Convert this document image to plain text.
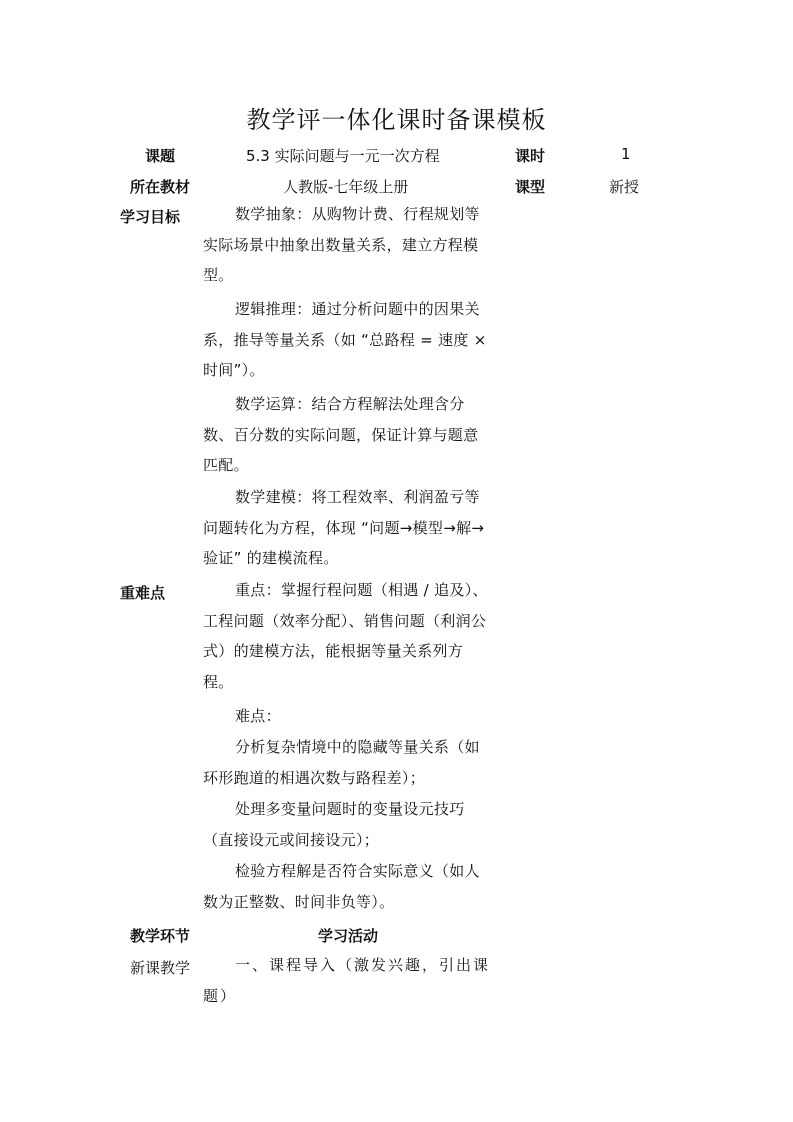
教学评一体化课时备课模板
课题	5.3 实际问题与一元一次方程	课时	1
所在教材	人教版-七年级上册	课型	新授
学习目标	数学抽象：从购物计费、行程规划等实际场景中抽象出数量关系，建立方程模型。

逻辑推理：通过分析问题中的因果关系，推导等量关系（如 “总路程 = 速度 × 时间”）。

数学运算：结合方程解法处理含分数、百分数的实际问题，保证计算与题意匹配。

数学建模：将工程效率、利润盈亏等问题转化为方程，体现 “问题→模型→解→验证” 的建模流程。

重难点	重点：掌握行程问题（相遇 / 追及）、工程问题（效率分配）、销售问题（利润公式）的建模方法，能根据等量关系列方程。

难点：

分析复杂情境中的隐藏等量关系（如环形跑道的相遇次数与路程差）；

处理多变量问题时的变量设元技巧（直接设元或间接设元）；

检验方程解是否符合实际意义（如人数为正整数、时间非负等）。

教学环节	学习活动
新课教学	一、课程导入（激发兴趣，引出课题）
